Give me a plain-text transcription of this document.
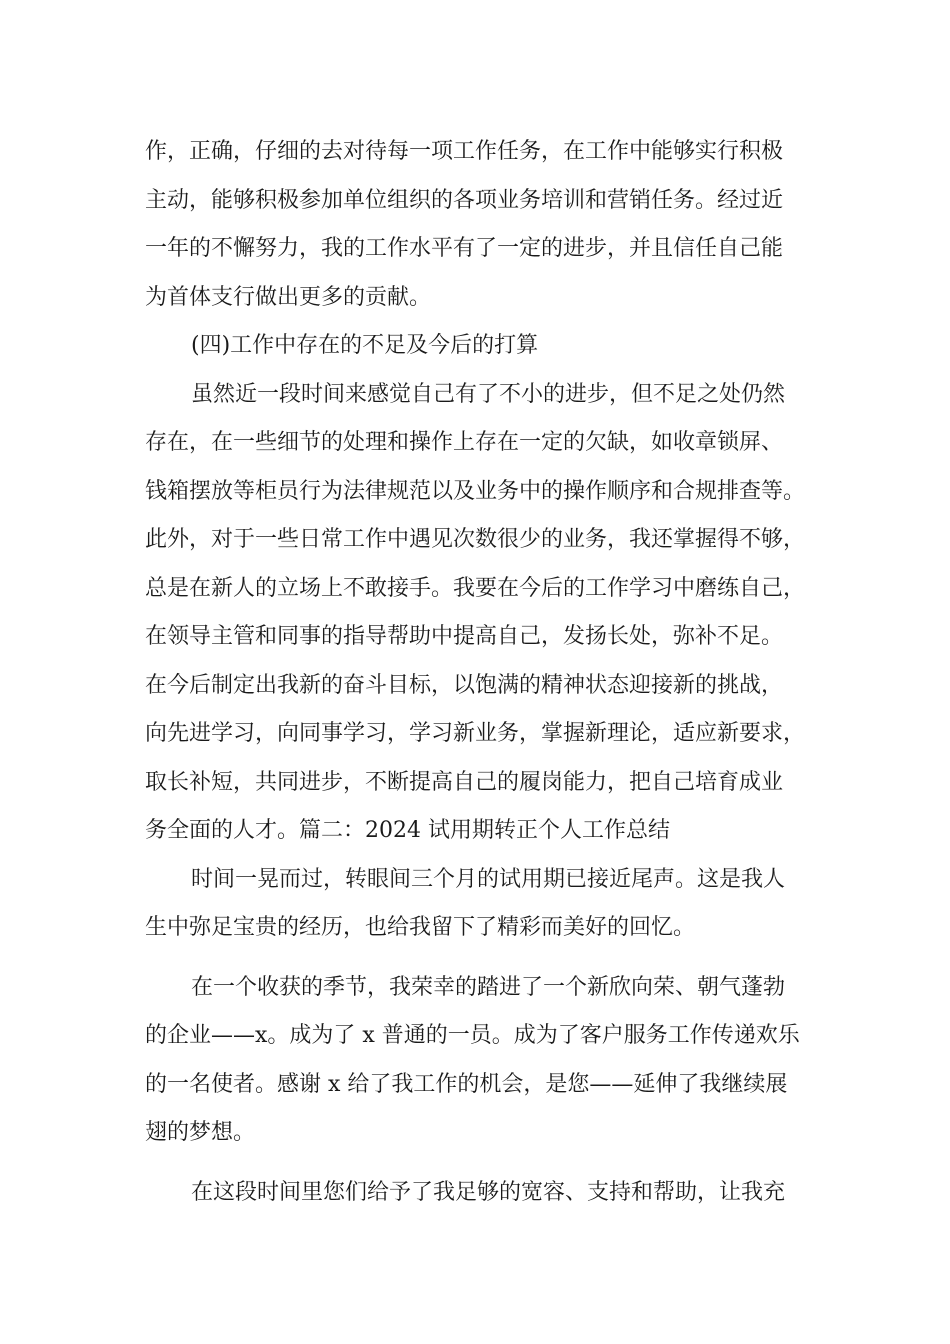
作，正确，仔细的去对待每一项工作任务，在工作中能够实行积极
主动，能够积极参加单位组织的各项业务培训和营销任务。经过近
一年的不懈努力，我的工作水平有了一定的进步，并且信任自己能
为首体支行做出更多的贡献。
(四)工作中存在的不足及今后的打算
虽然近一段时间来感觉自己有了不小的进步，但不足之处仍然
存在，在一些细节的处理和操作上存在一定的欠缺，如收章锁屏、
钱箱摆放等柜员行为法律规范以及业务中的操作顺序和合规排查等。
此外，对于一些日常工作中遇见次数很少的业务，我还掌握得不够，
总是在新人的立场上不敢接手。我要在今后的工作学习中磨练自己，
在领导主管和同事的指导帮助中提高自己，发扬长处，弥补不足。
在今后制定出我新的奋斗目标，以饱满的精神状态迎接新的挑战，
向先进学习，向同事学习，学习新业务，掌握新理论，适应新要求，
取长补短，共同进步，不断提高自己的履岗能力，把自己培育成业
务全面的人才。篇二：2024 试用期转正个人工作总结
时间一晃而过，转眼间三个月的试用期已接近尾声。这是我人
生中弥足宝贵的经历，也给我留下了精彩而美好的回忆。
在一个收获的季节，我荣幸的踏进了一个新欣向荣、朝气蓬勃
的企业——x。成为了 x 普通的一员。成为了客户服务工作传递欢乐
的一名使者。感谢 x 给了我工作的机会，是您——延伸了我继续展
翅的梦想。
在这段时间里您们给予了我足够的宽容、支持和帮助，让我充
